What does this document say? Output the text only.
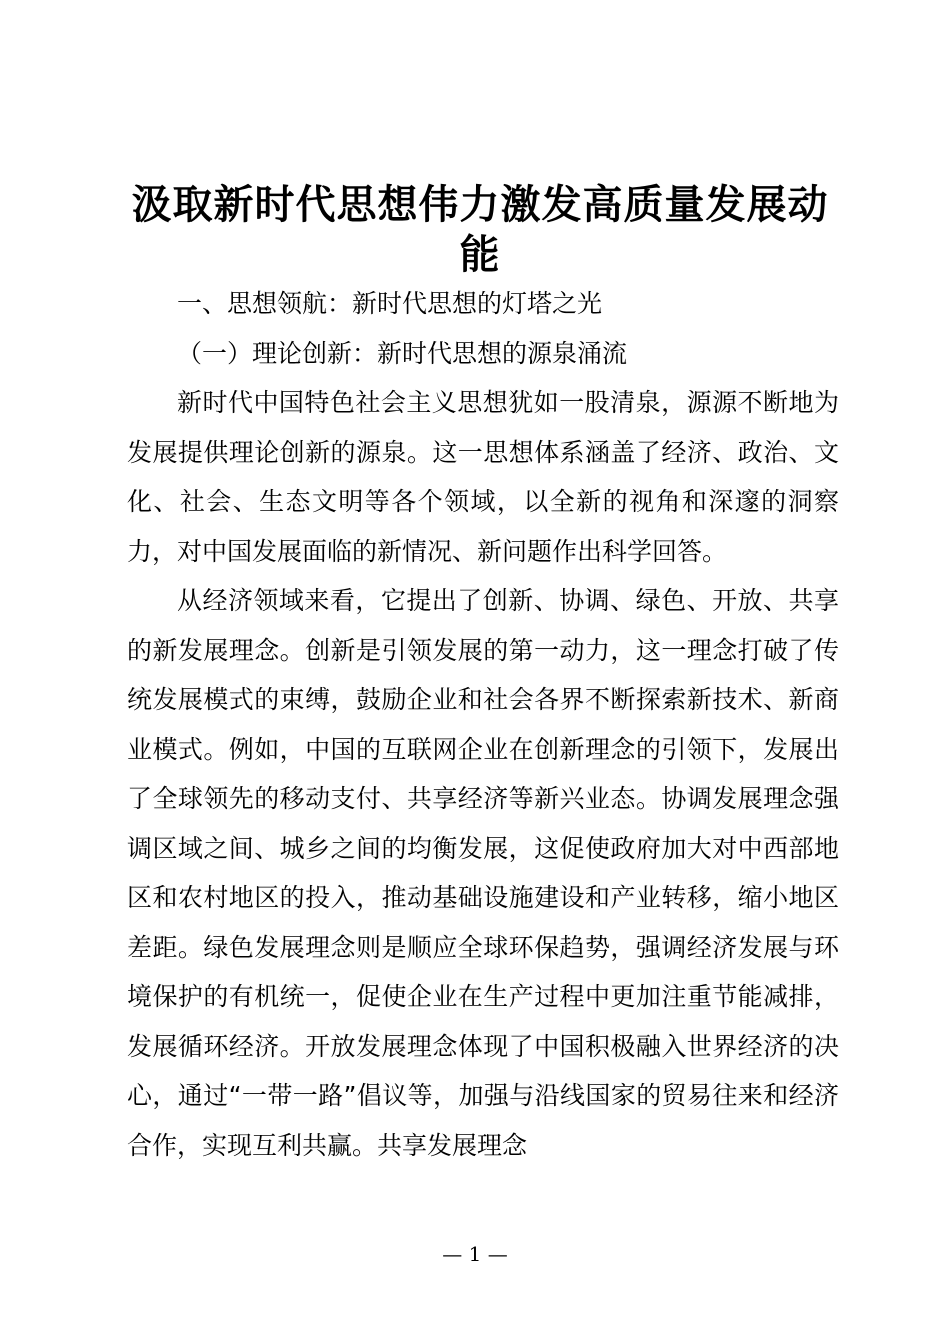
汲取新时代思想伟力激发高质量发展动能

一、思想领航：新时代思想的灯塔之光

（一）理论创新：新时代思想的源泉涌流

新时代中国特色社会主义思想犹如一股清泉，源源不断地为发展提供理论创新的源泉。这一思想体系涵盖了经济、政治、文化、社会、生态文明等各个领域，以全新的视角和深邃的洞察力，对中国发展面临的新情况、新问题作出科学回答。

从经济领域来看，它提出了创新、协调、绿色、开放、共享的新发展理念。创新是引领发展的第一动力，这一理念打破了传统发展模式的束缚，鼓励企业和社会各界不断探索新技术、新商业模式。例如，中国的互联网企业在创新理念的引领下，发展出了全球领先的移动支付、共享经济等新兴业态。协调发展理念强调区域之间、城乡之间的均衡发展，这促使政府加大对中西部地区和农村地区的投入，推动基础设施建设和产业转移，缩小地区差距。绿色发展理念则是顺应全球环保趋势，强调经济发展与环境保护的有机统一，促使企业在生产过程中更加注重节能减排，发展循环经济。开放发展理念体现了中国积极融入世界经济的决心，通过“一带一路”倡议等，加强与沿线国家的贸易往来和经济合作，实现互利共赢。共享发展理念

— 1 —
